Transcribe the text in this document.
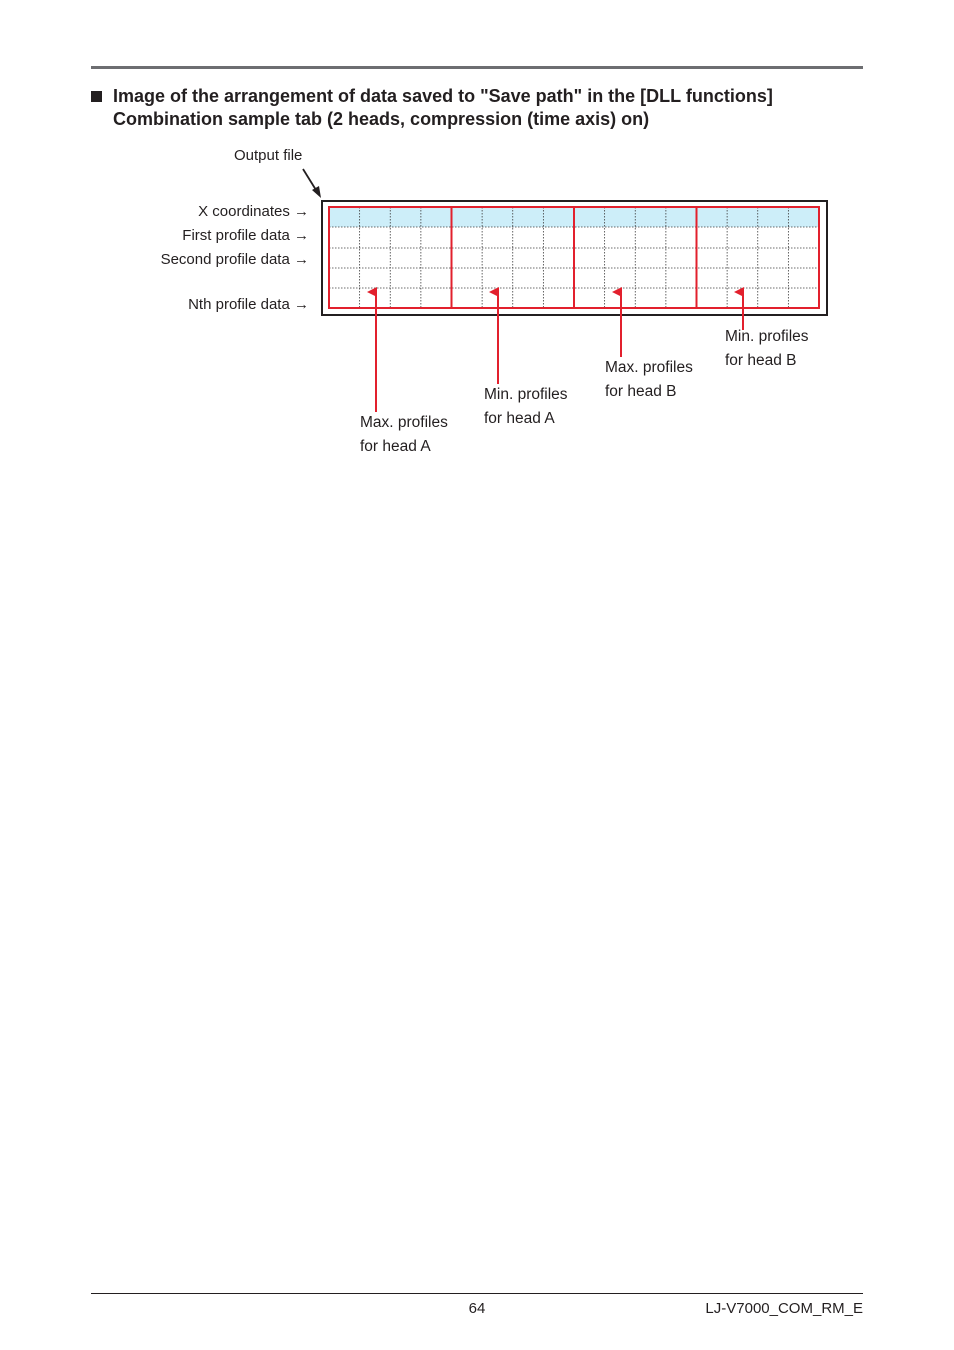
Image of the arrangement of data saved to "Save path" in the [DLL functions]
Combination sample tab (2 heads, compression (time axis) on)
Output file
X coordinates →
First profile data →
Second profile data →
Nth profile data →
Max. profiles
for head A
Min. profiles
for head A
Max. profiles
for head B
Min. profiles
for head B
64	LJ-V7000_COM_RM_E
